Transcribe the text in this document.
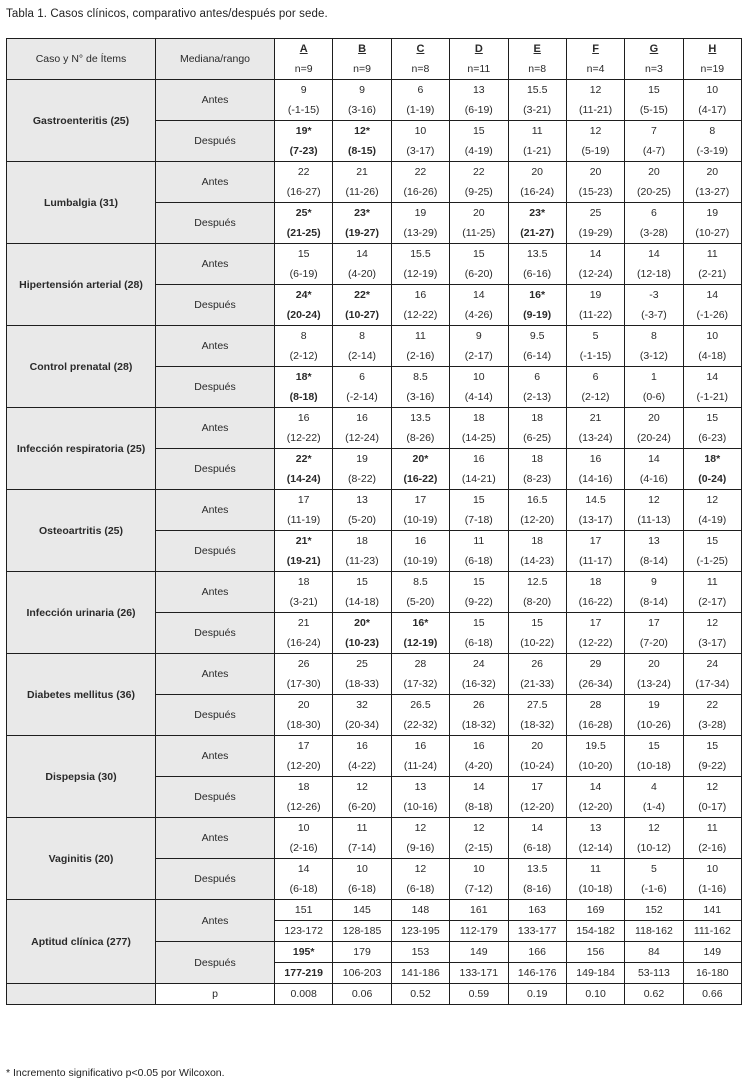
Tabla 1. Casos clínicos, comparativo antes/después por sede.
Caso y N° de Ítems	Mediana/rango	A	B	C	D	E	F	G	H
		n=9	n=9	n=8	n=11	n=8	n=4	n=3	n=19
Gastroenteritis (25)	Antes	9	9	6	13	15.5	12	15	10
		(-1-15)	(3-16)	(1-19)	(6-19)	(3-21)	(11-21)	(5-15)	(4-17)
	Después	19*	12*	10	15	11	12	7	8
		(7-23)	(8-15)	(3-17)	(4-19)	(1-21)	(5-19)	(4-7)	(-3-19)
Lumbalgia (31)	Antes	22	21	22	22	20	20	20	20
		(16-27)	(11-26)	(16-26)	(9-25)	(16-24)	(15-23)	(20-25)	(13-27)
	Después	25*	23*	19	20	23*	25	6	19
		(21-25)	(19-27)	(13-29)	(11-25)	(21-27)	(19-29)	(3-28)	(10-27)
Hipertensión arterial (28)	Antes	15	14	15.5	15	13.5	14	14	11
		(6-19)	(4-20)	(12-19)	(6-20)	(6-16)	(12-24)	(12-18)	(2-21)
	Después	24*	22*	16	14	16*	19	-3	14
		(20-24)	(10-27)	(12-22)	(4-26)	(9-19)	(11-22)	(-3-7)	(-1-26)
Control prenatal (28)	Antes	8	8	11	9	9.5	5	8	10
		(2-12)	(2-14)	(2-16)	(2-17)	(6-14)	(-1-15)	(3-12)	(4-18)
	Después	18*	6	8.5	10	6	6	1	14
		(8-18)	(-2-14)	(3-16)	(4-14)	(2-13)	(2-12)	(0-6)	(-1-21)
Infección respiratoria (25)	Antes	16	16	13.5	18	18	21	20	15
		(12-22)	(12-24)	(8-26)	(14-25)	(6-25)	(13-24)	(20-24)	(6-23)
	Después	22*	19	20*	16	18	16	14	18*
		(14-24)	(8-22)	(16-22)	(14-21)	(8-23)	(14-16)	(4-16)	(0-24)
Osteoartritis (25)	Antes	17	13	17	15	16.5	14.5	12	12
		(11-19)	(5-20)	(10-19)	(7-18)	(12-20)	(13-17)	(11-13)	(4-19)
	Después	21*	18	16	11	18	17	13	15
		(19-21)	(11-23)	(10-19)	(6-18)	(14-23)	(11-17)	(8-14)	(-1-25)
Infección urinaria (26)	Antes	18	15	8.5	15	12.5	18	9	11
		(3-21)	(14-18)	(5-20)	(9-22)	(8-20)	(16-22)	(8-14)	(2-17)
	Después	21	20*	16*	15	15	17	17	12
		(16-24)	(10-23)	(12-19)	(6-18)	(10-22)	(12-22)	(7-20)	(3-17)
Diabetes mellitus (36)	Antes	26	25	28	24	26	29	20	24
		(17-30)	(18-33)	(17-32)	(16-32)	(21-33)	(26-34)	(13-24)	(17-34)
	Después	20	32	26.5	26	27.5	28	19	22
		(18-30)	(20-34)	(22-32)	(18-32)	(18-32)	(16-28)	(10-26)	(3-28)
Dispepsia (30)	Antes	17	16	16	16	20	19.5	15	15
		(12-20)	(4-22)	(11-24)	(4-20)	(10-24)	(10-20)	(10-18)	(9-22)
	Después	18	12	13	14	17	14	4	12
		(12-26)	(6-20)	(10-16)	(8-18)	(12-20)	(12-20)	(1-4)	(0-17)
Vaginitis (20)	Antes	10	11	12	12	14	13	12	11
		(2-16)	(7-14)	(9-16)	(2-15)	(6-18)	(12-14)	(10-12)	(2-16)
	Después	14	10	12	10	13.5	11	5	10
		(6-18)	(6-18)	(6-18)	(7-12)	(8-16)	(10-18)	(-1-6)	(1-16)
Aptitud clínica (277)	Antes	151	145	148	161	163	169	152	141
		123-172	128-185	123-195	112-179	133-177	154-182	118-162	111-162
	Después	195*	179	153	149	166	156	84	149
		177-219	106-203	141-186	133-171	146-176	149-184	53-113	16-180
	p	0.008	0.06	0.52	0.59	0.19	0.10	0.62	0.66
* Incremento significativo p<0.05 por Wilcoxon.
